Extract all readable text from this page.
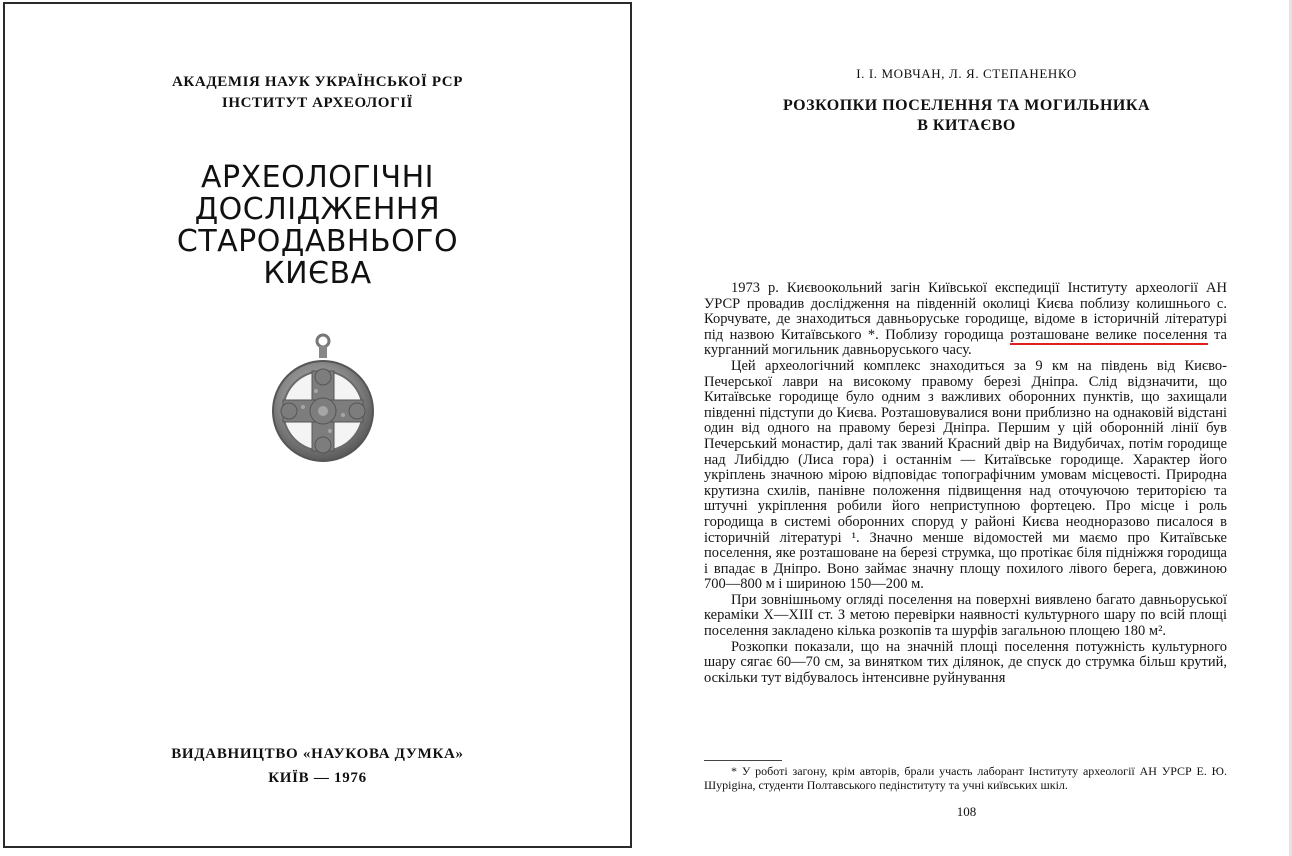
АКАДЕМІЯ НАУК УКРАЇНСЬКОЇ РСР
ІНСТИТУТ АРХЕОЛОГІЇ
АРХЕОЛОГІЧНІ
ДОСЛІДЖЕННЯ
СТАРОДАВНЬОГО
КИЄВА
ВИДАВНИЦТВО «НАУКОВА ДУМКА»
КИЇВ — 1976
І. І. МОВЧАН, Л. Я. СТЕПАНЕНКО
РОЗКОПКИ ПОСЕЛЕННЯ ТА МОГИЛЬНИКА
В КИТАЄВО

1973 р. Києвоокольний загін Київської експедиції Інституту археології АН УРСР провадив дослідження на південній околиці Києва поблизу колишнього с. Корчувате, де знаходиться давньоруське городище, відоме в історичній літературі під назвою Китаївського *. Поблизу городища розташоване велике поселення та курганний могильник давньоруського часу.

Цей археологічний комплекс знаходиться за 9 км на південь від Києво-Печерської лаври на високому правому березі Дніпра. Слід відзначити, що Китаївське городище було одним з важливих оборонних пунктів, що захищали південні підступи до Києва. Розташовувалися вони приблизно на однаковій відстані один від одного на правому березі Дніпра. Першим у цій оборонній лінії був Печерський монастир, далі так званий Красний двір на Видубичах, потім городище над Либіддю (Лиса гора) і останнім — Китаївське городище. Характер його укріплень значною мірою відповідає топографічним умовам місцевості. Природна крутизна схилів, панівне положення підвищення над оточуючою територією та штучні укріплення робили його неприступною фортецею. Про місце і роль городища в системі оборонних споруд у районі Києва неодноразово писалося в історичній літературі ¹. Значно менше відомостей ми маємо про Китаївське поселення, яке розташоване на березі струмка, що протікає біля підніжжя городища і впадає в Дніпро. Воно займає значну площу похилого лівого берега, довжиною 700—800 м і шириною 150—200 м.

При зовнішньому огляді поселення на поверхні виявлено багато давньоруської кераміки X—XIII ст. З метою перевірки наявності культурного шару по всій площі поселення закладено кілька розкопів та шурфів загальною площею 180 м².

Розкопки показали, що на значній площі поселення потужність культурного шару сягає 60—70 см, за винятком тих ділянок, де спуск до струмка більш крутий, оскільки тут відбувалось інтенсивне руйнування

* У роботі загону, крім авторів, брали участь лаборант Інституту археології АН УРСР Е. Ю. Шурigіна, студенти Полтавського педінституту та учні київських шкіл.

108
